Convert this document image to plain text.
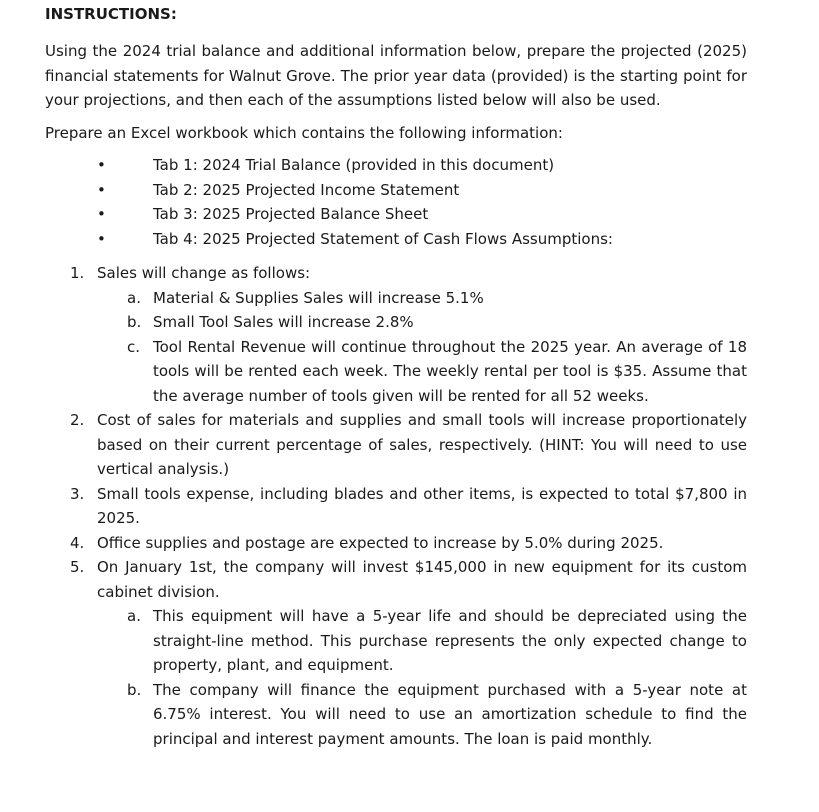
INSTRUCTIONS:
Using the 2024 trial balance and additional information below, prepare the projected (2025) financial statements for Walnut Grove. The prior year data (provided) is the starting point for your projections, and then each of the assumptions listed below will also be used.
Prepare an Excel workbook which contains the following information:
•	Tab 1: 2024 Trial Balance (provided in this document)
•	Tab 2: 2025 Projected Income Statement
•	Tab 3: 2025 Projected Balance Sheet
•	Tab 4: 2025 Projected Statement of Cash Flows Assumptions:
1. Sales will change as follows:
a. Material & Supplies Sales will increase 5.1%
b. Small Tool Sales will increase 2.8%
c. Tool Rental Revenue will continue throughout the 2025 year. An average of 18 tools will be rented each week. The weekly rental per tool is $35. Assume that the average number of tools given will be rented for all 52 weeks.
2. Cost of sales for materials and supplies and small tools will increase proportionately based on their current percentage of sales, respectively. (HINT: You will need to use vertical analysis.)
3. Small tools expense, including blades and other items, is expected to total $7,800 in 2025.
4. Office supplies and postage are expected to increase by 5.0% during 2025.
5. On January 1st, the company will invest $145,000 in new equipment for its custom cabinet division.
a. This equipment will have a 5-year life and should be depreciated using the straight-line method. This purchase represents the only expected change to property, plant, and equipment.
b. The company will finance the equipment purchased with a 5-year note at 6.75% interest. You will need to use an amortization schedule to find the principal and interest payment amounts. The loan is paid monthly.
